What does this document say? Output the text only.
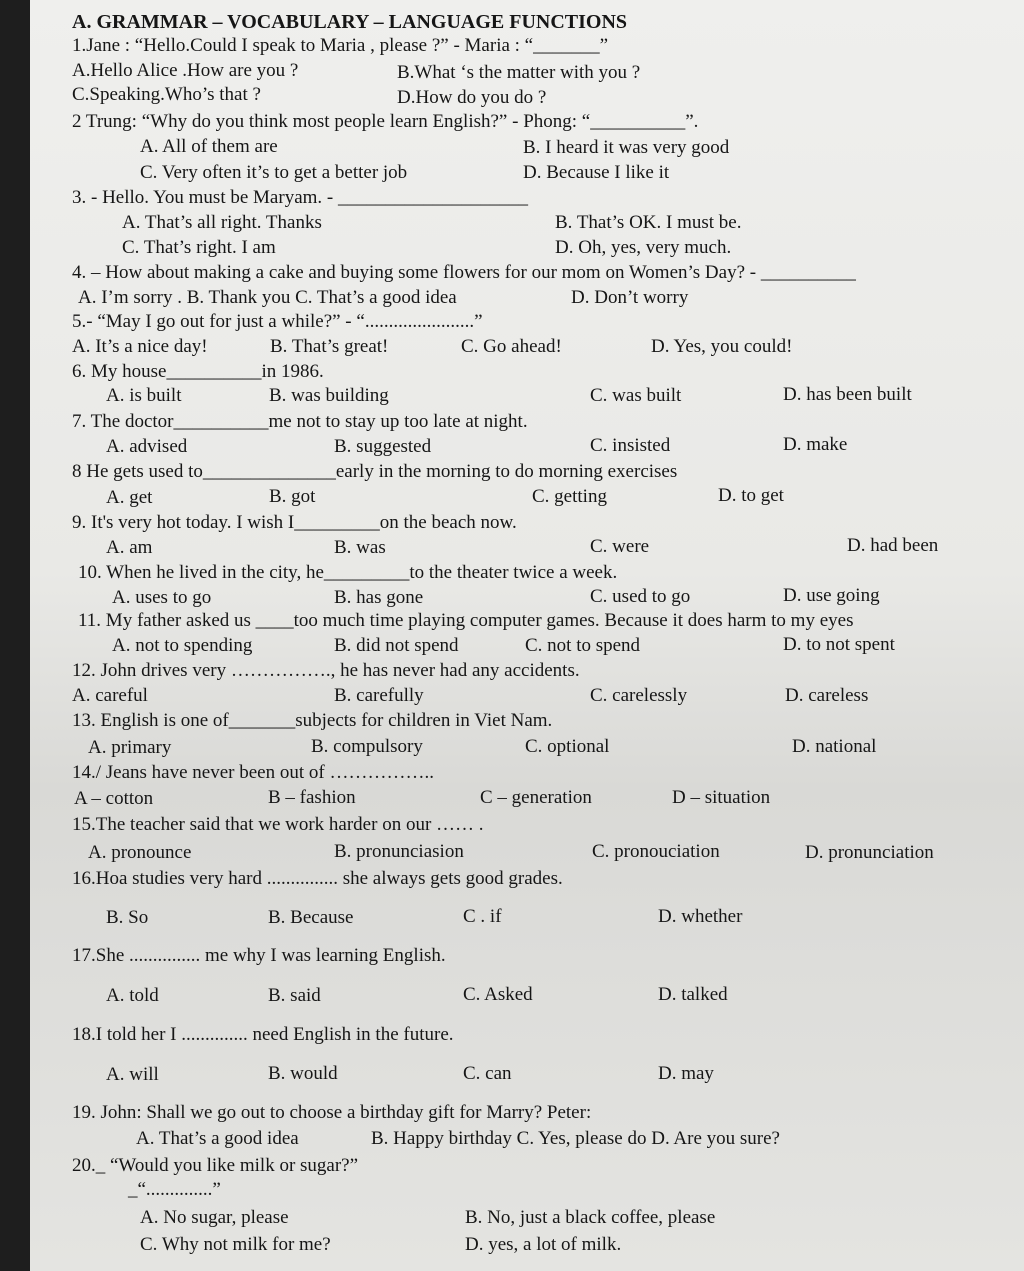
A. GRAMMAR – VOCABULARY – LANGUAGE FUNCTIONS
1.Jane : “Hello.Could I speak to Maria , please ?” - Maria : “_______”
A.Hello Alice .How are you ?	B.What ‘s the matter with you ?
C.Speaking.Who’s that ?	D.How do you do ?
2 Trung: “Why do you think most people learn English?” - Phong: “__________”.
A. All of them are	B. I heard it was very good
C. Very often it’s to get a better job	D. Because I like it
3. - Hello. You must be Maryam. - ____________________
A. That’s all right. Thanks	B. That’s OK. I must be.
C. That’s right. I am	D. Oh, yes, very much.
4. – How about making a cake and buying some flowers for our mom on Women’s Day? - __________
A. I’m sorry . B. Thank you C. That’s a good idea	D. Don’t worry
5.- “May I go out for just a while?” - “.......................”
A. It’s a nice day!	B. That’s great!	C. Go ahead!	D. Yes, you could!
6. My house__________in 1986.
A. is built	B. was building	C. was built	D. has been built
7. The doctor__________me not to stay up too late at night.
A. advised	B. suggested	C. insisted	D. make
8 He gets used to______________early in the morning to do morning exercises
A. get	B. got	C. getting	D. to get
9. It's very hot today. I wish I_________on the beach now.
A. am	B. was	C. were	D. had been
10. When he lived in the city, he_________to the theater twice a week.
A. uses to go	B. has gone	C. used to go	D. use going
11. My father asked us ____too much time playing computer games. Because it does harm to my eyes
A. not to spending	B. did not spend	C. not to spend	D. to not spent
12. John drives very ……………., he has never had any accidents.
A. careful	B. carefully	C. carelessly	D. careless
13. English is one of_______subjects for children in Viet Nam.
A. primary	B. compulsory	C. optional	D. national
14./ Jeans have never been out of ……………..
A – cotton	B – fashion	C – generation	D – situation
15.The teacher said that we work harder on our …… .
A. pronounce	B. pronunciasion	C. pronouciation	D. pronunciation
16.Hoa studies very hard ............... she always gets good grades.
B. So	B. Because	C . if	D. whether
17.She ............... me why I was learning English.
A. told	B. said	C. Asked	D. talked
18.I told her I .............. need English in the future.
A. will	B. would	C. can	D. may
19. John: Shall we go out to choose a birthday gift for Marry? Peter:
A. That’s a good idea	B. Happy birthday C. Yes, please do D. Are you sure?
20._ “Would you like milk or sugar?”
_“..............”
A. No sugar, please	B. No, just a black coffee, please
C. Why not milk for me?	D. yes, a lot of milk.
